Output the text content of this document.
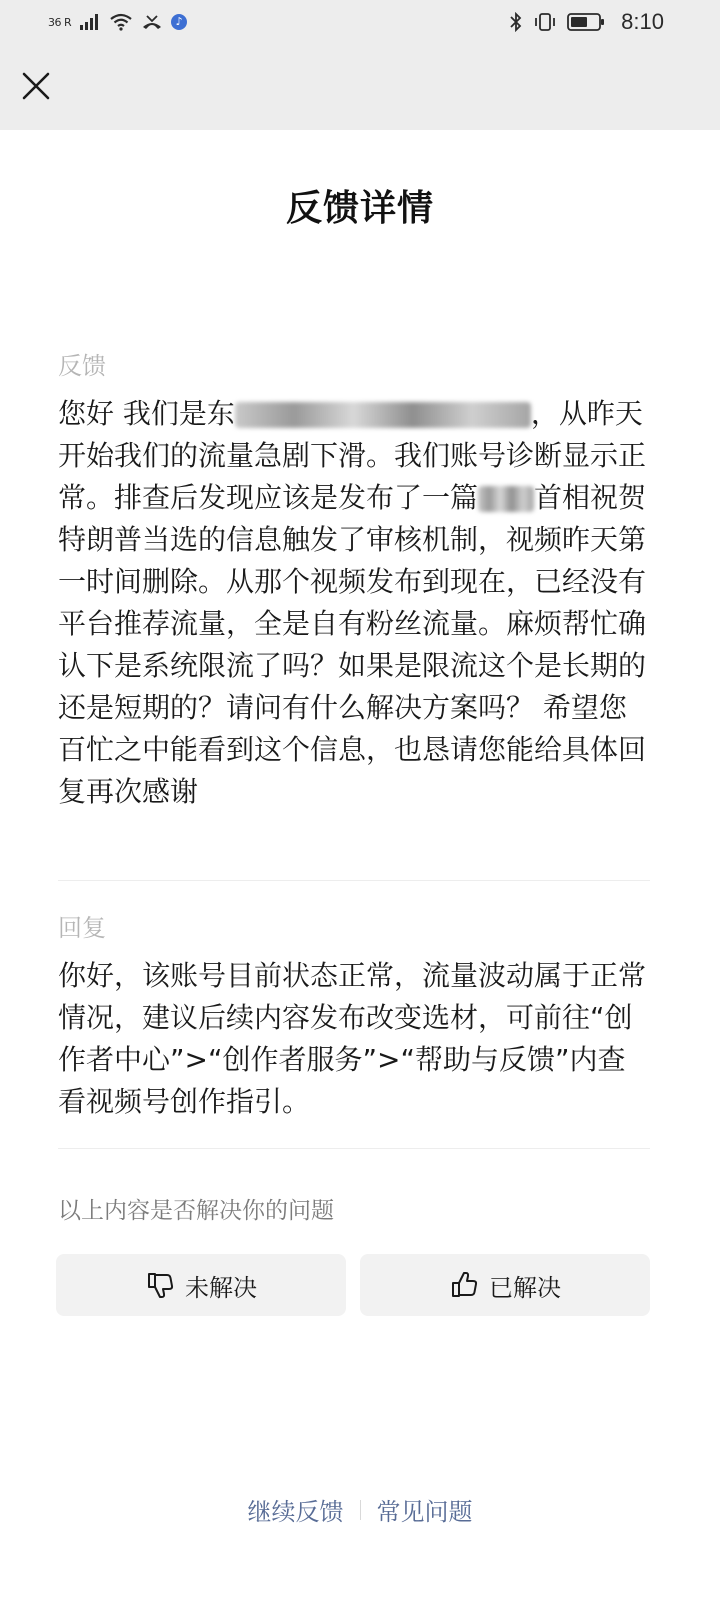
36 R	♪	8:10
反馈详情
反馈
您好 我们是东	，从昨天开始我们的流量急剧下滑。我们账号诊断显示正常。排查后发现应该是发布了一篇 首相祝贺特朗普当选的信息触发了审核机制，视频昨天第一时间删除。从那个视频发布到现在，已经没有平台推荐流量，全是自有粉丝流量。麻烦帮忙确认下是系统限流了吗？如果是限流这个是长期的还是短期的？请问有什么解决方案吗？ 希望您百忙之中能看到这个信息，也恳请您能给具体回复再次感谢
回复
你好，该账号目前状态正常，流量波动属于正常情况，建议后续内容发布改变选材，可前往“创作者中心”>“创作者服务”>“帮助与反馈”内查看视频号创作指引。
以上内容是否解决你的问题
未解决	已解决
继续反馈 常见问题
